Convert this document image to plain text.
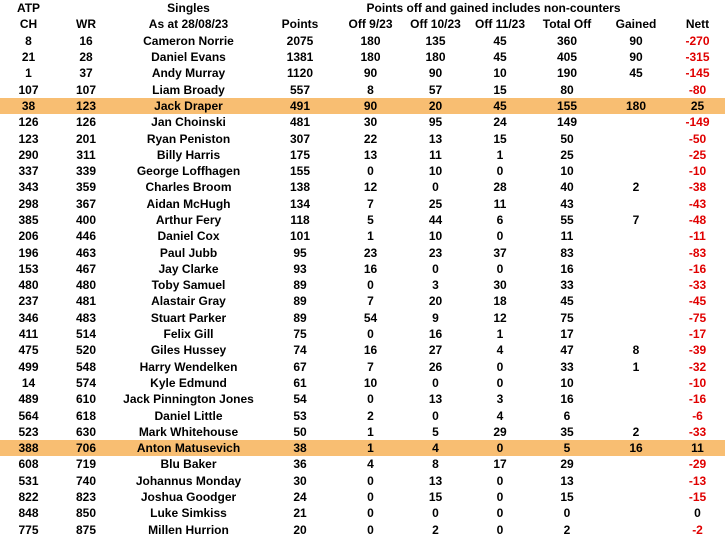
ATP		Singles	Points off and gained includes non-counters						
CH	WR	As at 28/08/23	Points	Off 9/23	Off 10/23	Off 11/23	Total Off	Gained	Nett
8	16	Cameron Norrie	2075	180	135	45	360	90	-270
21	28	Daniel Evans	1381	180	180	45	405	90	-315
1	37	Andy Murray	1120	90	90	10	190	45	-145
107	107	Liam Broady	557	8	57	15	80		-80
38	123	Jack Draper	491	90	20	45	155	180	25
126	126	Jan Choinski	481	30	95	24	149		-149
123	201	Ryan Peniston	307	22	13	15	50		-50
290	311	Billy Harris	175	13	11	1	25		-25
337	339	George Loffhagen	155	0	10	0	10		-10
343	359	Charles Broom	138	12	0	28	40	2	-38
298	367	Aidan McHugh	134	7	25	11	43		-43
385	400	Arthur Fery	118	5	44	6	55	7	-48
206	446	Daniel Cox	101	1	10	0	11		-11
196	463	Paul Jubb	95	23	23	37	83		-83
153	467	Jay Clarke	93	16	0	0	16		-16
480	480	Toby Samuel	89	0	3	30	33		-33
237	481	Alastair Gray	89	7	20	18	45		-45
346	483	Stuart Parker	89	54	9	12	75		-75
411	514	Felix Gill	75	0	16	1	17		-17
475	520	Giles Hussey	74	16	27	4	47	8	-39
499	548	Harry Wendelken	67	7	26	0	33	1	-32
14	574	Kyle Edmund	61	10	0	0	10		-10
489	610	Jack Pinnington Jones	54	0	13	3	16		-16
564	618	Daniel Little	53	2	0	4	6		-6
523	630	Mark Whitehouse	50	1	5	29	35	2	-33
388	706	Anton Matusevich	38	1	4	0	5	16	11
608	719	Blu Baker	36	4	8	17	29		-29
531	740	Johannus Monday	30	0	13	0	13		-13
822	823	Joshua Goodger	24	0	15	0	15		-15
848	850	Luke Simkiss	21	0	0	0	0		0
775	875	Millen Hurrion	20	0	2	0	2		-2
